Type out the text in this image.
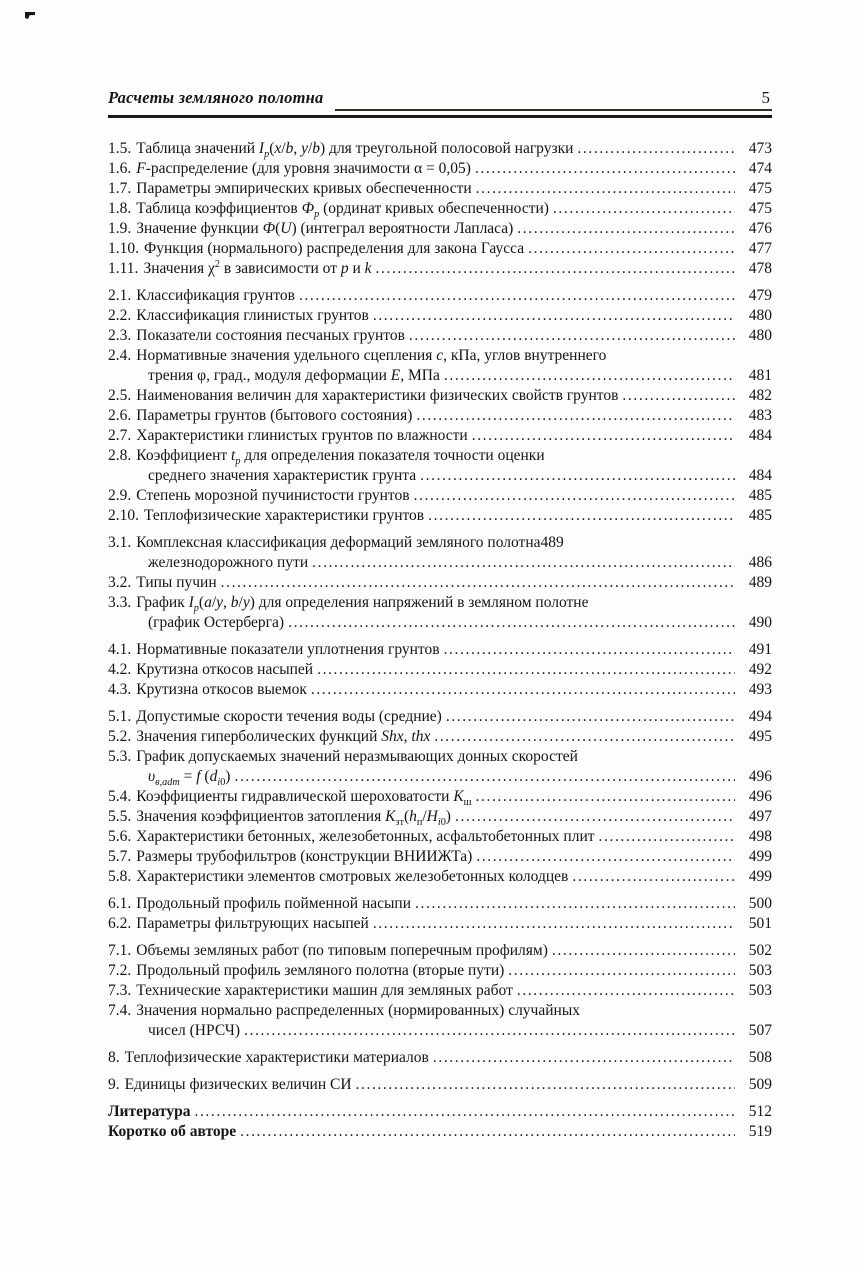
Расчеты земляного полотна	5
1.5. Таблица значений $I_p(x/b$, y/b) для треугольной полосовой нагрузки .....	473
1.6. F-распределение (для уровня значимости α = 0,05) .....	474
1.7. Параметры эмпирических кривых обеспеченности .....	475
1.8. Таблица коэффициентов $Ф_p$ (ординат кривых обеспеченности) .....	475
1.9. Значение функции Ф(U) (интеграл вероятности Лапласа) .....	476
1.10. Функция (нормального) распределения для закона Гаусса .....	477
1.11. Значения $\chi^2$ в зависимости от p и k .....	478
2.1. Классификация грунтов .....	479
2.2. Классификация глинистых грунтов .....	480
2.3. Показатели состояния песчаных грунтов .....	480
2.4. Нормативные значения удельного сцепления c, кПа, углов внутреннего
трения φ, град., модуля деформации E, МПа .....	481
2.5. Наименования величин для характеристики физических свойств грунтов .....	482
2.6. Параметры грунтов (бытового состояния) .....	483
2.7. Характеристики глинистых грунтов по влажности .....	484
2.8. Коэффициент $t_p$ для определения показателя точности оценки
среднего значения характеристик грунта .....	484
2.9. Степень морозной пучинистости грунтов .....	485
2.10. Теплофизические характеристики грунтов .....	485
3.1. Комплексная классификация деформаций земляного полотна489
железнодорожного пути .....	486
3.2. Типы пучин .....	489
3.3. График $I_p(a/y$, b/y) для определения напряжений в земляном полотне
(график Остерберга) .....	490
4.1. Нормативные показатели уплотнения грунтов .....	491
4.2. Крутизна откосов насыпей .....	492
4.3. Крутизна откосов выемок .....	493
5.1. Допустимые скорости течения воды (средние) .....	494
5.2. Значения гиперболических функций Shx, thx .....	495
5.3. График допускаемых значений неразмывающих донных скоростей
$\upsilon_{в,adm} = f$ $(d_{i0})$ .....	496
5.4. Коэффициенты гидравлической шероховатости $K_ш$ .....	496
5.5. Значения коэффициентов затопления $K_{зт}(h_п/H_{i0})$ .....	497
5.6. Характеристики бетонных, железобетонных, асфальтобетонных плит .....	498
5.7. Размеры трубофильтров (конструкции ВНИИЖТа) .....	499
5.8. Характеристики элементов смотровых железобетонных колодцев .....	499
6.1. Продольный профиль пойменной насыпи .....	500
6.2. Параметры фильтрующих насыпей .....	501
7.1. Объемы земляных работ (по типовым поперечным профилям) .....	502
7.2. Продольный профиль земляного полотна (вторые пути) .....	503
7.3. Технические характеристики машин для земляных работ .....	503
7.4. Значения нормально распределенных (нормированных) случайных
чисел (НРСЧ) .....	507
8. Теплофизические характеристики материалов .....	508
9. Единицы физических величин СИ .....	509
Литература .....	512
Коротко об авторе .....	519
